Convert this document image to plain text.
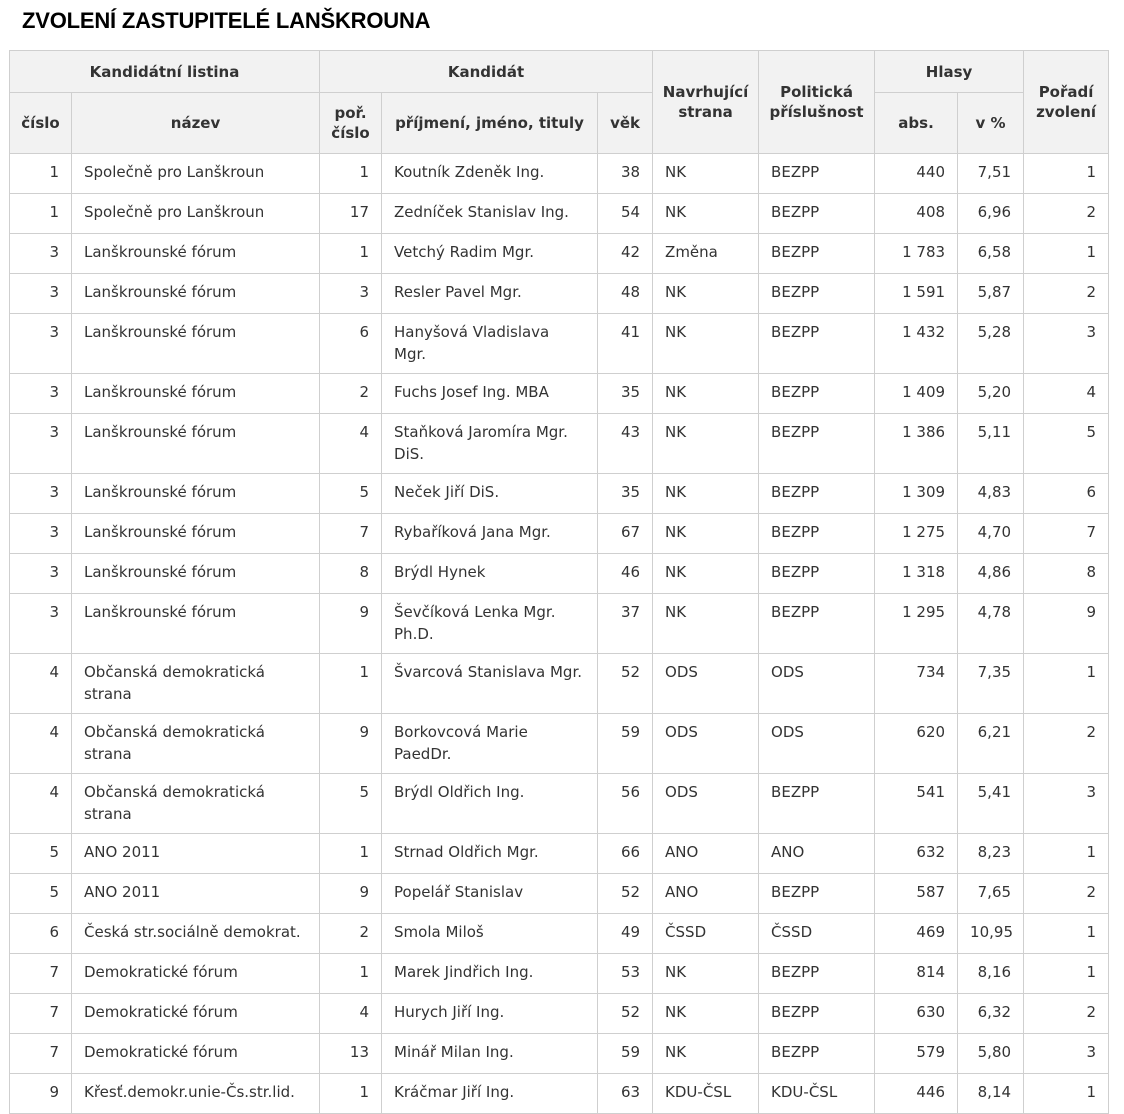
ZVOLENÍ ZASTUPITELÉ LANŠKROUNA
Kandidátní listina		Kandidát			Navrhující strana	Politická příslušnost	Hlasy		Pořadí zvolení
číslo	název	poř. číslo	příjmení, jméno, tituly	věk			abs.	v %	
1	Společně pro Lanškroun	1	Koutník Zdeněk Ing.	38	NK	BEZPP	440	7,51	1
1	Společně pro Lanškroun	17	Zedníček Stanislav Ing.	54	NK	BEZPP	408	6,96	2
3	Lanškrounské fórum	1	Vetchý Radim Mgr.	42	Změna	BEZPP	1 783	6,58	1
3	Lanškrounské fórum	3	Resler Pavel Mgr.	48	NK	BEZPP	1 591	5,87	2
3	Lanškrounské fórum	6	Hanyšová Vladislava Mgr.	41	NK	BEZPP	1 432	5,28	3
3	Lanškrounské fórum	2	Fuchs Josef Ing. MBA	35	NK	BEZPP	1 409	5,20	4
3	Lanškrounské fórum	4	Staňková Jaromíra Mgr. DiS.	43	NK	BEZPP	1 386	5,11	5
3	Lanškrounské fórum	5	Neček Jiří DiS.	35	NK	BEZPP	1 309	4,83	6
3	Lanškrounské fórum	7	Rybaříková Jana Mgr.	67	NK	BEZPP	1 275	4,70	7
3	Lanškrounské fórum	8	Brýdl Hynek	46	NK	BEZPP	1 318	4,86	8
3	Lanškrounské fórum	9	Ševčíková Lenka Mgr. Ph.D.	37	NK	BEZPP	1 295	4,78	9
4	Občanská demokratická strana	1	Švarcová Stanislava Mgr.	52	ODS	ODS	734	7,35	1
4	Občanská demokratická strana	9	Borkovcová Marie PaedDr.	59	ODS	ODS	620	6,21	2
4	Občanská demokratická strana	5	Brýdl Oldřich Ing.	56	ODS	BEZPP	541	5,41	3
5	ANO 2011	1	Strnad Oldřich Mgr.	66	ANO	ANO	632	8,23	1
5	ANO 2011	9	Popelář Stanislav	52	ANO	BEZPP	587	7,65	2
6	Česká str.sociálně demokrat.	2	Smola Miloš	49	ČSSD	ČSSD	469	10,95	1
7	Demokratické fórum	1	Marek Jindřich Ing.	53	NK	BEZPP	814	8,16	1
7	Demokratické fórum	4	Hurych Jiří Ing.	52	NK	BEZPP	630	6,32	2
7	Demokratické fórum	13	Minář Milan Ing.	59	NK	BEZPP	579	5,80	3
9	Křesť.demokr.unie-Čs.str.lid.	1	Kráčmar Jiří Ing.	63	KDU-ČSL	KDU-ČSL	446	8,14	1
